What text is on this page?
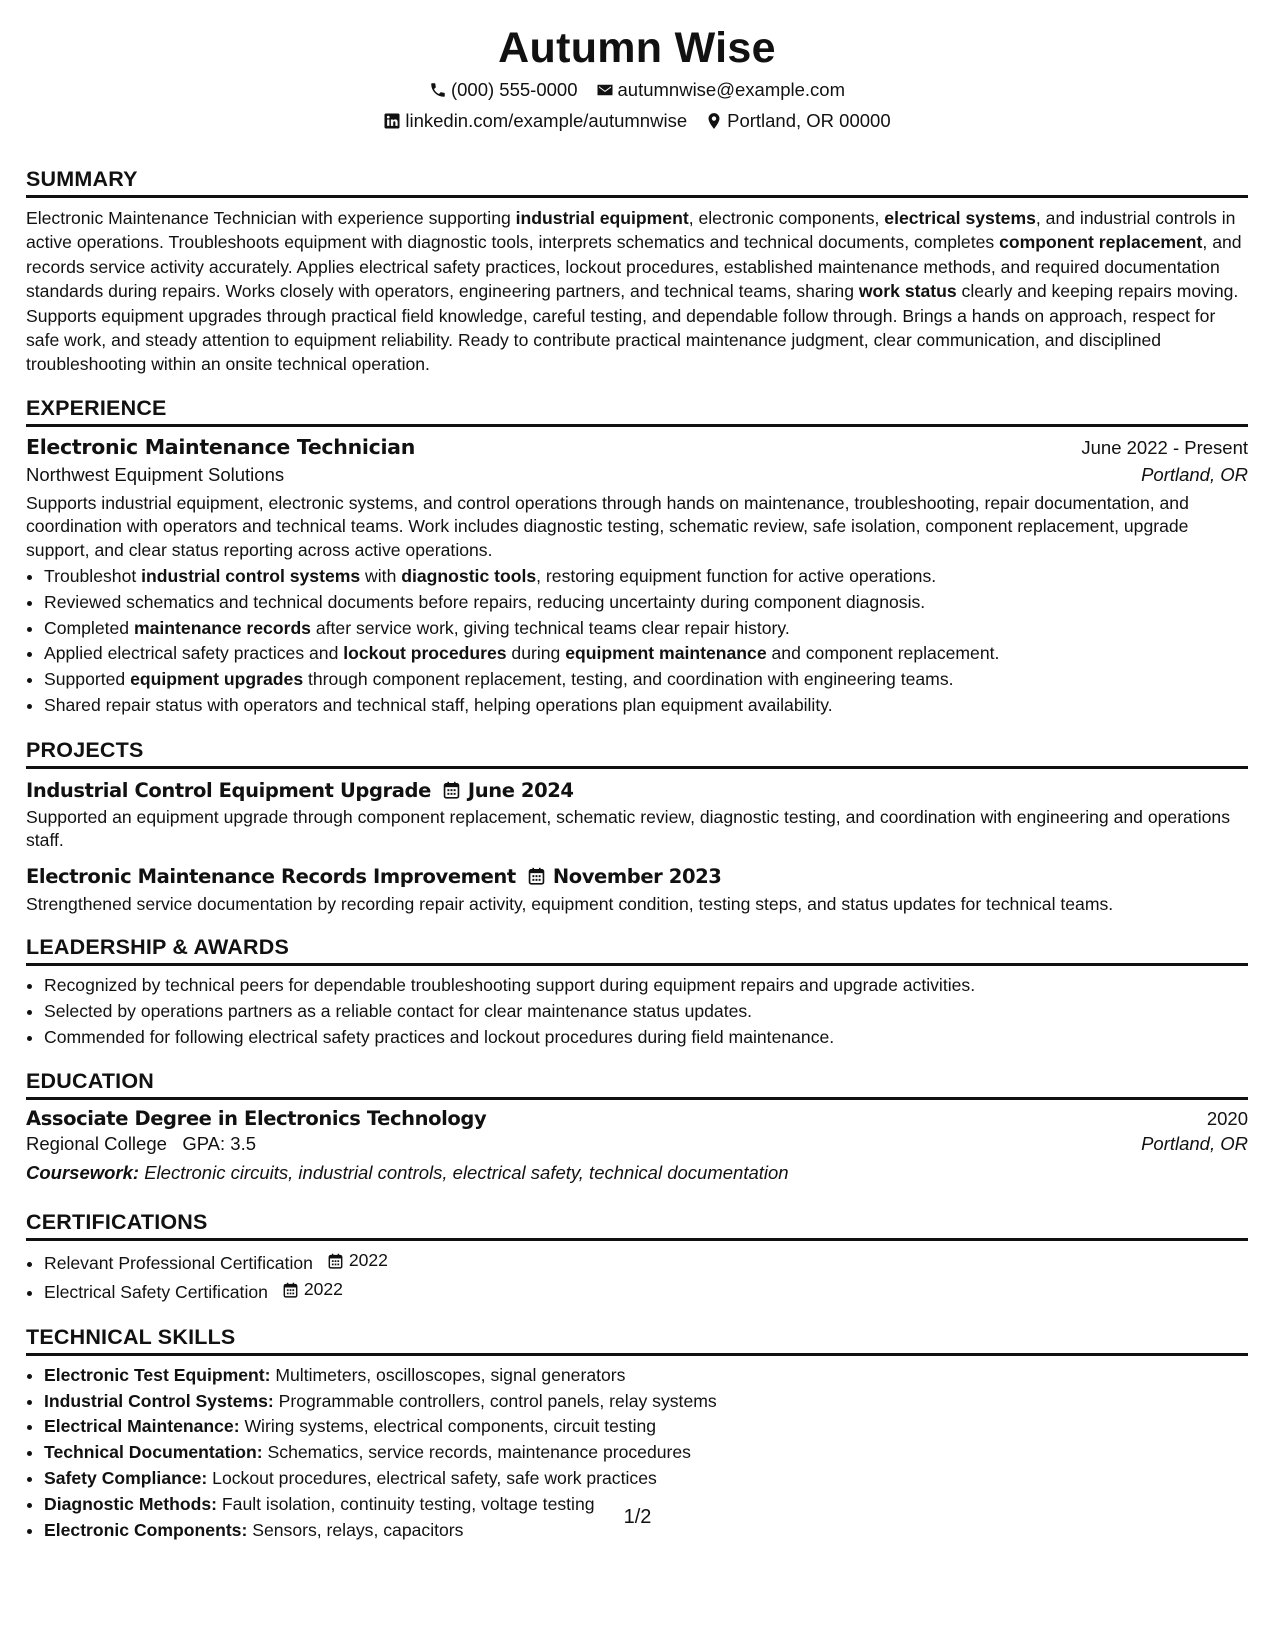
Autumn Wise
(000) 555-0000 autumnwise@example.com
linkedin.com/example/autumnwise Portland, OR 00000
SUMMARY

Electronic Maintenance Technician with experience supporting industrial equipment, electronic components, electrical systems, and industrial controls in active operations. Troubleshoots equipment with diagnostic tools, interprets schematics and technical documents, completes component replacement, and records service activity accurately. Applies electrical safety practices, lockout procedures, established maintenance methods, and required documentation standards during repairs. Works closely with operators, engineering partners, and technical teams, sharing work status clearly and keeping repairs moving. Supports equipment upgrades through practical field knowledge, careful testing, and dependable follow through. Brings a hands on approach, respect for safe work, and steady attention to equipment reliability. Ready to contribute practical maintenance judgment, clear communication, and disciplined troubleshooting within an onsite technical operation.

EXPERIENCE
Electronic Maintenance Technician	June 2022 - Present
Northwest Equipment Solutions	Portland, OR

Supports industrial equipment, electronic systems, and control operations through hands on maintenance, troubleshooting, repair documentation, and coordination with operators and technical teams. Work includes diagnostic testing, schematic review, safe isolation, component replacement, upgrade support, and clear status reporting across active operations.

• Troubleshot industrial control systems with diagnostic tools, restoring equipment function for active operations.
• Reviewed schematics and technical documents before repairs, reducing uncertainty during component diagnosis.
• Completed maintenance records after service work, giving technical teams clear repair history.
• Applied electrical safety practices and lockout procedures during equipment maintenance and component replacement.
• Supported equipment upgrades through component replacement, testing, and coordination with engineering teams.
• Shared repair status with operators and technical staff, helping operations plan equipment availability.
PROJECTS
Industrial Control Equipment Upgrade June 2024

Supported an equipment upgrade through component replacement, schematic review, diagnostic testing, and coordination with engineering and operations staff.

Electronic Maintenance Records Improvement November 2023

Strengthened service documentation by recording repair activity, equipment condition, testing steps, and status updates for technical teams.

LEADERSHIP & AWARDS
• Recognized by technical peers for dependable troubleshooting support during equipment repairs and upgrade activities.
• Selected by operations partners as a reliable contact for clear maintenance status updates.
• Commended for following electrical safety practices and lockout procedures during field maintenance.
EDUCATION
Associate Degree in Electronics Technology	2020
Regional College GPA: 3.5	Portland, OR
Coursework: Electronic circuits, industrial controls, electrical safety, technical documentation
CERTIFICATIONS
• Relevant Professional Certification 2022
• Electrical Safety Certification 2022
TECHNICAL SKILLS
• Electronic Test Equipment: Multimeters, oscilloscopes, signal generators
• Industrial Control Systems: Programmable controllers, control panels, relay systems
• Electrical Maintenance: Wiring systems, electrical components, circuit testing
• Technical Documentation: Schematics, service records, maintenance procedures
• Safety Compliance: Lockout procedures, electrical safety, safe work practices
• Diagnostic Methods: Fault isolation, continuity testing, voltage testing
• Electronic Components: Sensors, relays, capacitors
1/2
